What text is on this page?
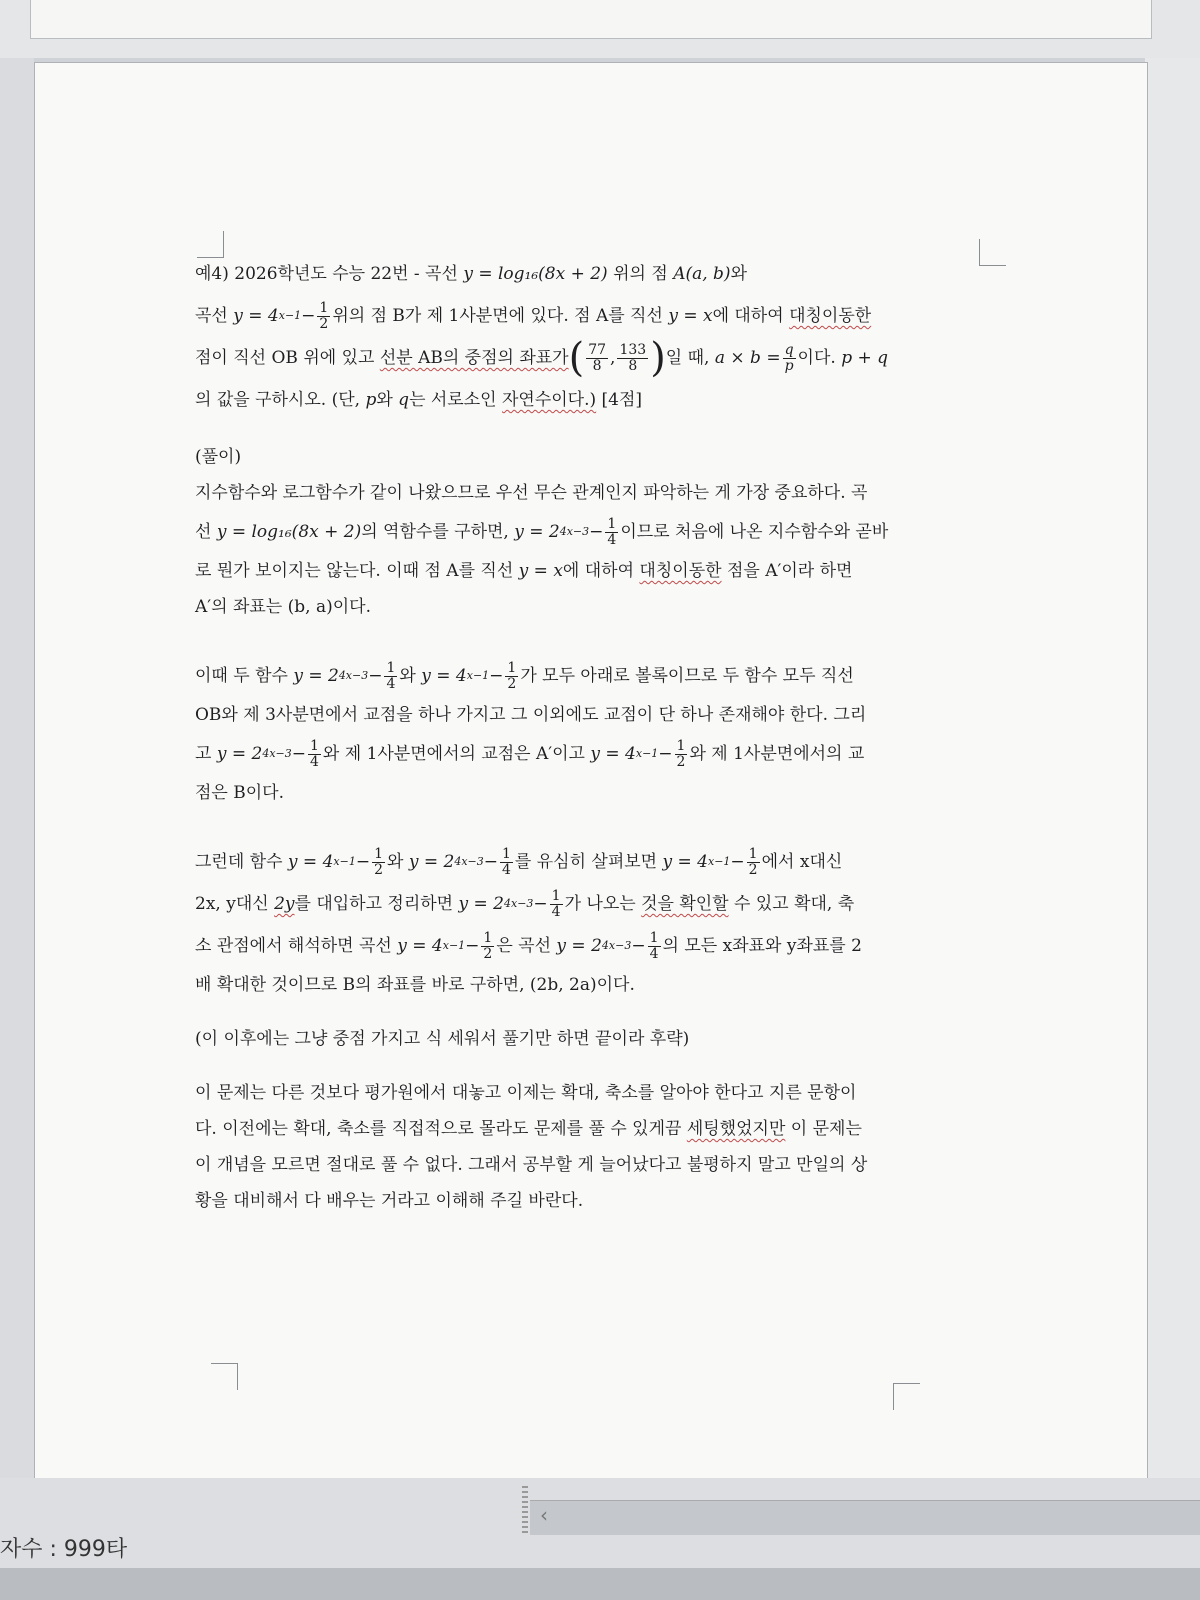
예4) 2026학년도 수능 22번 - 곡선
y = log₁₆(8x + 2)
위의 점
A(a, b) 와
곡선
y = 4 $x-1 - \frac{1}{2}$ 위의 점 B가 제 1사분면에 있다. 점 A를 직선
y = x 에 대하여
대칭이동한
점이 직선 OB 위에 있고
선분 AB의 중점의 좌표가 ( $\frac{77}{8}$ , $\frac{133}{8}$ ) 일 때,
$a \times b = \frac{q}{p}$ 이다.
p + q
의 값을 구하시오. (단,
p 와
q 는 서로소인
자연수이다.)
[4점]
(풀이)
지수함수와 로그함수가 같이 나왔으므로 우선 무슨 관계인지 파악하는 게 가장 중요하다. 곡
선
y = log₁₆(8x + 2) 의 역함수를 구하면,
y = 2 $4x-3 - \frac{1}{4}$ 이므로 처음에 나온 지수함수와 곧바
로 뭔가 보이지는 않는다. 이때 점 A를 직선
y = x 에 대하여
대칭이동한
점을 A′이라 하면
A′의 좌표는 (b, a)이다.
이때 두 함수
y = 2 $4x-3 - \frac{1}{4}$ 와
y = 4 $x-1 - \frac{1}{2}$ 가 모두 아래로 볼록이므로 두 함수 모두 직선
OB와 제 3사분면에서 교점을 하나 가지고 그 이외에도 교점이 단 하나 존재해야 한다. 그리
고
y = 2 $4x-3 - \frac{1}{4}$ 와 제 1사분면에서의 교점은 A′이고
y = 4 $x-1 - \frac{1}{2}$ 와 제 1사분면에서의 교
점은 B이다.
그런데 함수
y = 4 $x-1 - \frac{1}{2}$ 와
y = 2 $4x-3 - \frac{1}{4}$ 를 유심히 살펴보면
y = 4 $x-1 - \frac{1}{2}$ 에서
x대신
2x, y대신
2y 를 대입하고 정리하면
y = 2 $4x-3 - \frac{1}{4}$ 가 나오는
것을 확인할
수 있고 확대, 축
소 관점에서 해석하면 곡선
y = 4 $x-1 - \frac{1}{2}$ 은 곡선
y = 2 $4x-3 - \frac{1}{4}$ 의 모든 x좌표와 y좌표를 2
배 확대한 것이므로 B의 좌표를 바로 구하면, (2b, 2a)이다.
(이 이후에는 그냥 중점 가지고 식 세워서 풀기만 하면 끝이라 후략)
이 문제는 다른 것보다 평가원에서 대놓고 이제는 확대, 축소를 알아야 한다고 지른 문항이
다. 이전에는 확대, 축소를 직접적으로 몰라도 문제를 풀 수 있게끔
세팅했었지만
이 문제는
이 개념을 모르면 절대로 풀 수 없다. 그래서 공부할 게 늘어났다고 불평하지 말고 만일의 상
황을 대비해서 다 배우는 거라고 이해해 주길 바란다.
‹
자수 : 999타
